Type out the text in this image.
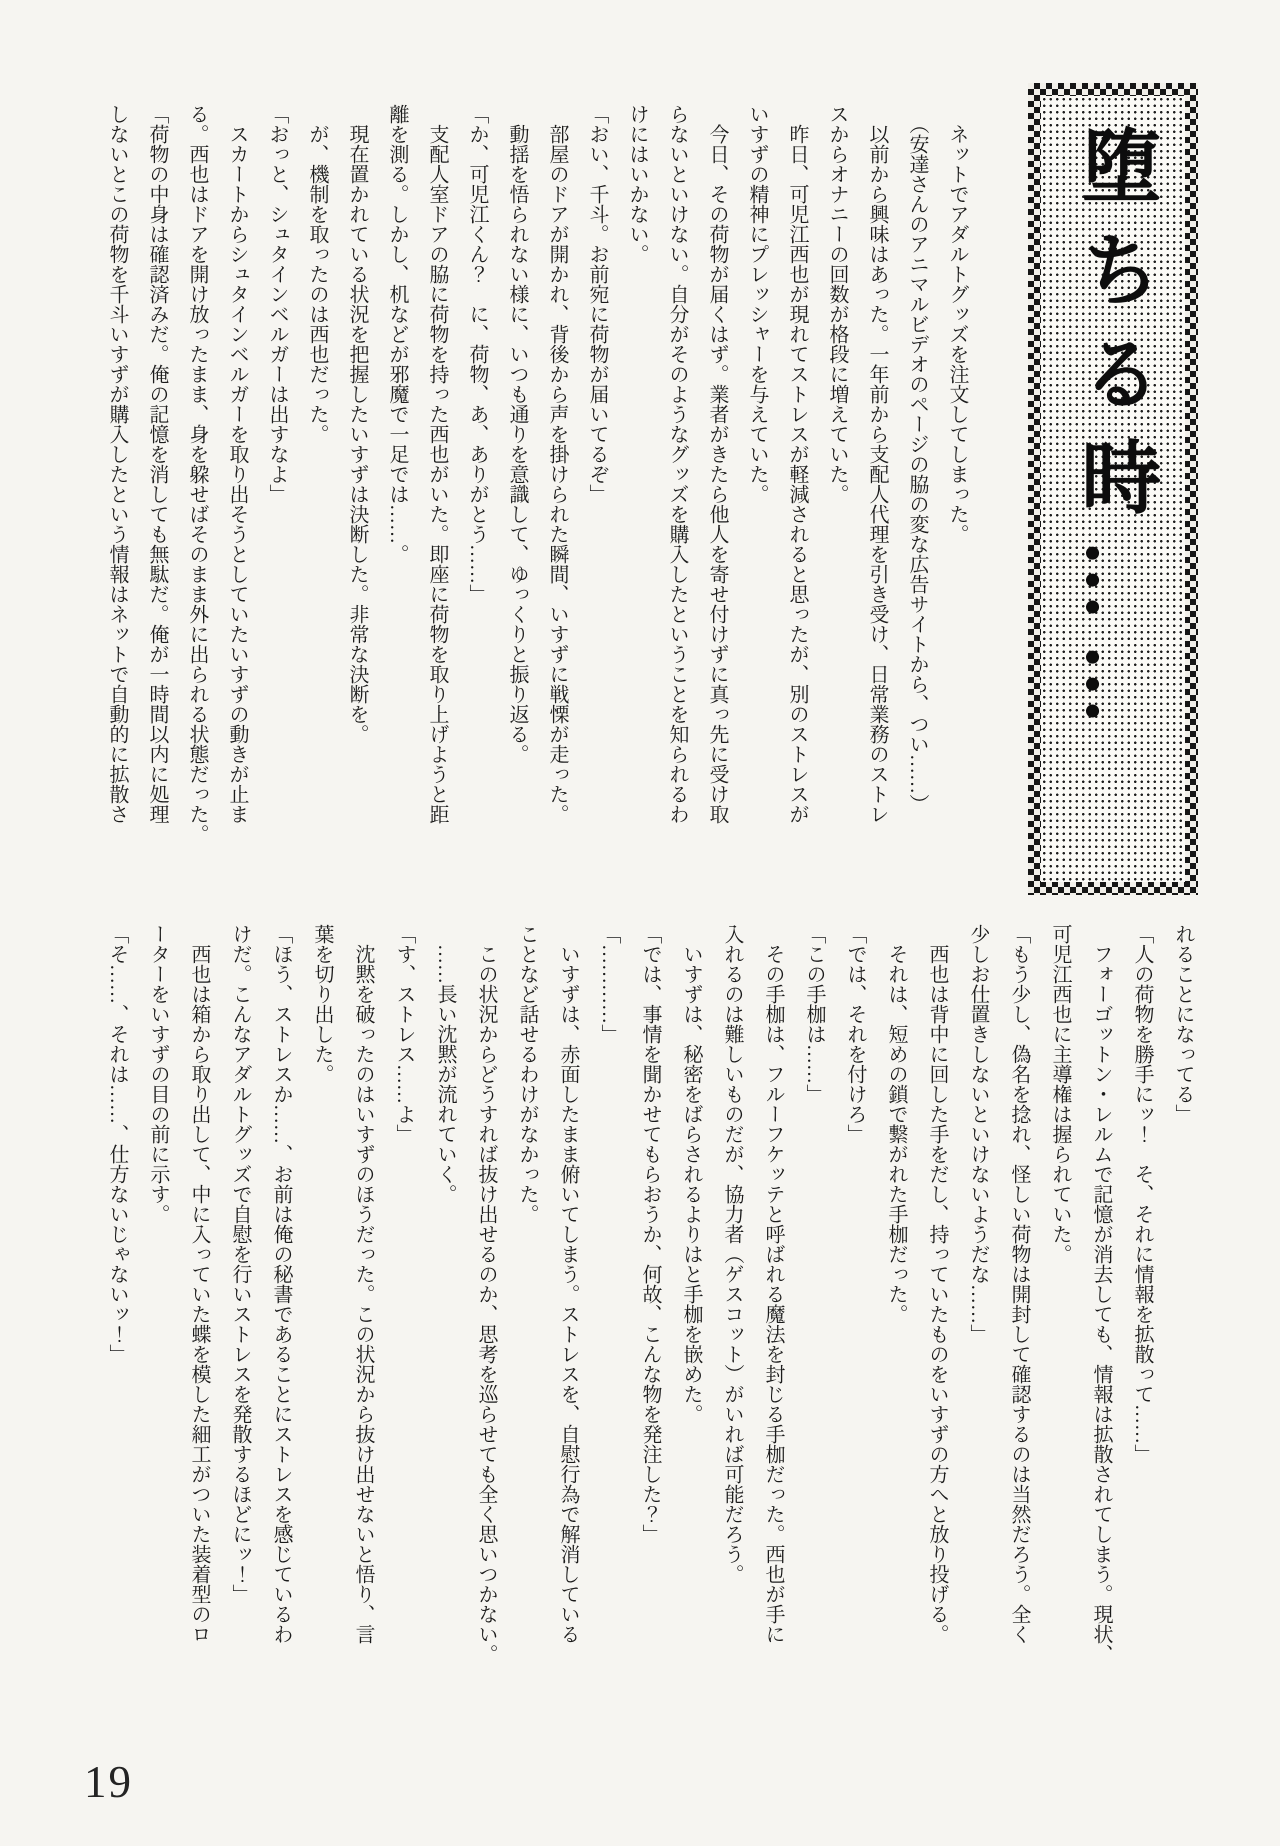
堕ちる時……

　ネットでアダルトグッズを注文してしまった。

　（安達さんのアニマルビデオのページの脇の変な広告サイトから、つい……）

　以前から興味はあった。一年前から支配人代理を引き受け、日常業務のストレ

スからオナニーの回数が格段に増えていた。

　昨日、可児江西也が現れてストレスが軽減されると思ったが、別のストレスが

いすずの精神にプレッシャーを与えていた。

　今日、その荷物が届くはず。業者がきたら他人を寄せ付けずに真っ先に受け取

らないといけない。自分がそのようなグッズを購入したということを知られるわ

けにはいかない。

「おい、千斗。お前宛に荷物が届いてるぞ」

　部屋のドアが開かれ、背後から声を掛けられた瞬間、いすずに戦慄が走った。

　動揺を悟られない様に、いつも通りを意識して、ゆっくりと振り返る。

「か、可児江くん？　に、荷物、あ、ありがとう……」

　支配人室ドアの脇に荷物を持った西也がいた。即座に荷物を取り上げようと距

離を測る。しかし、机などが邪魔で一足では……。

　現在置かれている状況を把握したいすずは決断した。非常な決断を。

　が、機制を取ったのは西也だった。

「おっと、シュタインベルガーは出すなよ」

　スカートからシュタインベルガーを取り出そうとしていたいすずの動きが止ま

る。西也はドアを開け放ったまま、身を躱せばそのまま外に出られる状態だった。

「荷物の中身は確認済みだ。俺の記憶を消しても無駄だ。俺が一時間以内に処理

しないとこの荷物を千斗いすずが購入したという情報はネットで自動的に拡散さ

れることになってる」

「人の荷物を勝手にッ！　そ、それに情報を拡散って……」

　フォーゴットン・レルムで記憶が消去しても、情報は拡散されてしまう。現状、

可児江西也に主導権は握られていた。

「もう少し、偽名を捻れ、怪しい荷物は開封して確認するのは当然だろう。全く

少しお仕置きしないといけないようだな……」

　西也は背中に回した手をだし、持っていたものをいすずの方へと放り投げる。

　それは、短めの鎖で繋がれた手枷だった。

「では、それを付けろ」

「この手枷は……」

　その手枷は、フルーフケッテと呼ばれる魔法を封じる手枷だった。西也が手に

入れるのは難しいものだが、協力者（ゲスコット）がいれば可能だろう。

　いすずは、秘密をばらされるよりはと手枷を嵌めた。

「では、事情を聞かせてもらおうか、何故、こんな物を発注した？」

「…………」

　いすずは、赤面したまま俯いてしまう。ストレスを、自慰行為で解消している

ことなど話せるわけがなかった。

　この状況からどうすれば抜け出せるのか、思考を巡らせても全く思いつかない。

　……長い沈黙が流れていく。

「す、ストレス……よ」

　沈黙を破ったのはいすずのほうだった。この状況から抜け出せないと悟り、言

葉を切り出した。

「ほう、ストレスか……、お前は俺の秘書であることにストレスを感じているわ

けだ。こんなアダルトグッズで自慰を行いストレスを発散するほどにッ！」

　西也は箱から取り出して、中に入っていた蝶を模した細工がついた装着型のロ

ーターをいすずの目の前に示す。

「そ……、それは……、仕方ないじゃないッ！」

19
